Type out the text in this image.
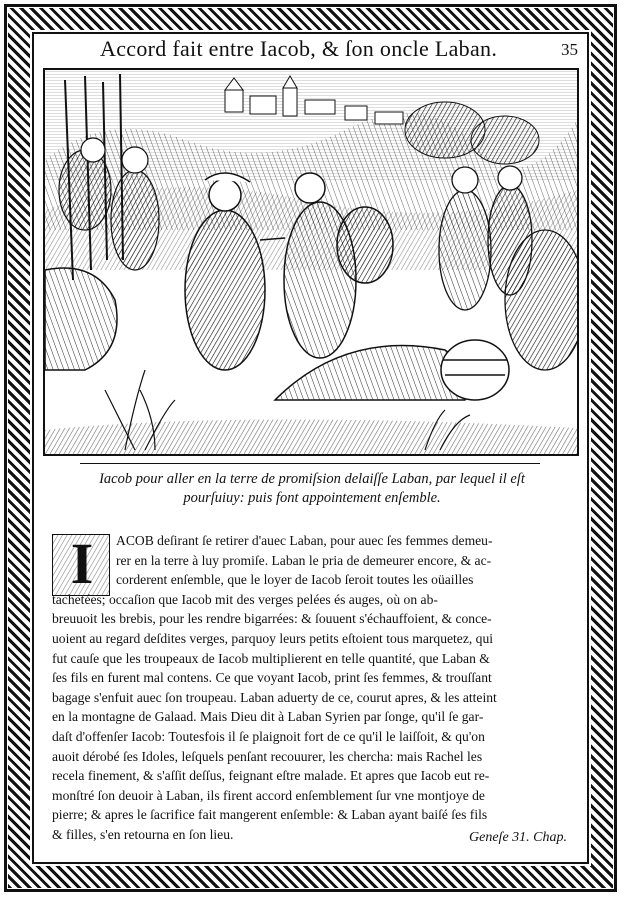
Accord fait entre Iacob, & ſon oncle Laban.	35
Iacob pour aller en la terre de promiſsion delaiſſe Laban, par lequel il eſt
pourſuiuy: puis font appointement enſemble.
I	ACOB deſirant ſe retirer d'auec Laban, pour auec ſes femmes demeu-
rer en la terre à luy promiſe. Laban le pria de demeurer encore, & ac-
corderent enſemble, que le loyer de Iacob ſeroit toutes les oüailles
tachetées; occaſion que Iacob mit des verges pelées és auges, où on ab-
breuuoit les brebis, pour les rendre bigarrées: & ſouuent s'échauffoient, & conce-
uoient au regard deſdites verges, parquoy leurs petits eſtoient tous marquetez, qui
fut cauſe que les troupeaux de Iacob multiplierent en telle quantité, que Laban &
ſes fils en furent mal contens. Ce que voyant Iacob, print ſes femmes, & trouſſant
bagage s'enfuit auec ſon troupeau. Laban aduerty de ce, courut apres, & les atteint
en la montagne de Galaad. Mais Dieu dit à Laban Syrien par ſonge, qu'il ſe gar-
daſt d'offenſer Iacob: Toutesfois il ſe plaignoit fort de ce qu'il le laiſſoit, & qu'on
auoit dérobé ſes Idoles, leſquels penſant recouurer, les chercha: mais Rachel les
recela finement, & s'aſſit deſſus, feignant eſtre malade. Et apres que Iacob eut re-
monſtré ſon deuoir à Laban, ils firent accord enſemblement ſur vne montjoye de
pierre; & apres le ſacrifice fait mangerent enſemble: & Laban ayant baiſé ſes fils
& filles, s'en retourna en ſon lieu.	Geneſe 31. Chap.
